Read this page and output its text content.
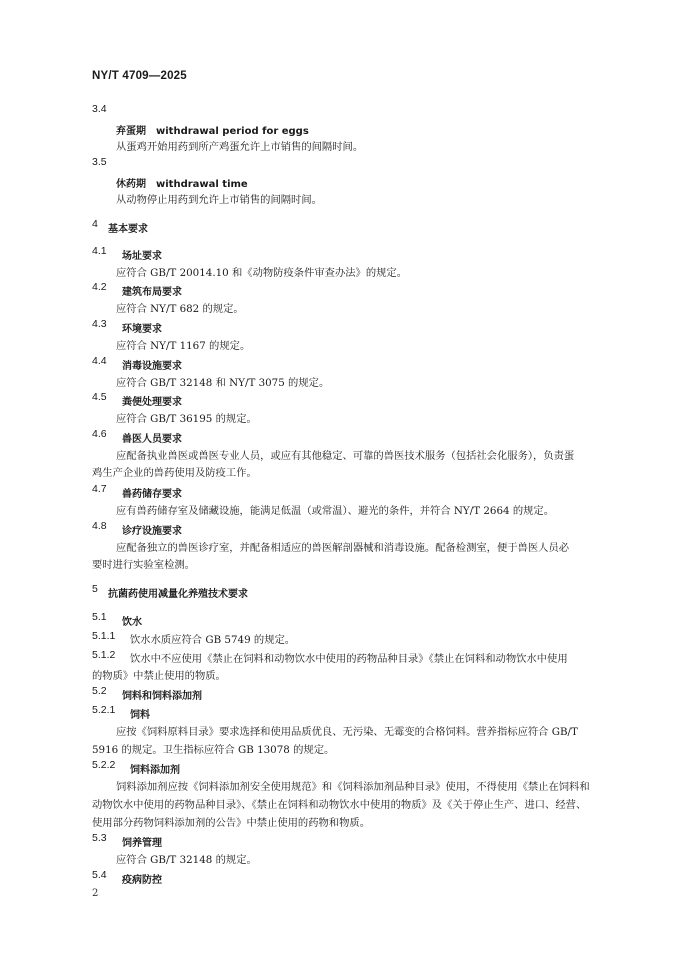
NY/T 4709—2025
3.4
弃蛋期　withdrawal period for eggs
从蛋鸡开始用药到所产鸡蛋允许上市销售的间隔时间。
3.5
休药期　withdrawal time
从动物停止用药到允许上市销售的间隔时间。
4 基本要求
4.1 场址要求
应符合 GB/T 20014.10 和《动物防疫条件审查办法》的规定。
4.2 建筑布局要求
应符合 NY/T 682 的规定。
4.3 环境要求
应符合 NY/T 1167 的规定。
4.4 消毒设施要求
应符合 GB/T 32148 和 NY/T 3075 的规定。
4.5 粪便处理要求
应符合 GB/T 36195 的规定。
4.6 兽医人员要求
应配备执业兽医或兽医专业人员，或应有其他稳定、可靠的兽医技术服务（包括社会化服务），负责蛋
鸡生产企业的兽药使用及防疫工作。
4.7 兽药储存要求
应有兽药储存室及储藏设施，能满足低温（或常温）、避光的条件，并符合 NY/T 2664 的规定。
4.8 诊疗设施要求
应配备独立的兽医诊疗室，并配备相适应的兽医解剖器械和消毒设施。配备检测室，便于兽医人员必
要时进行实验室检测。
5 抗菌药使用减量化养殖技术要求
5.1 饮水
5.1.1 饮水水质应符合 GB 5749 的规定。
5.1.2 饮水中不应使用《禁止在饲料和动物饮水中使用的药物品种目录》《禁止在饲料和动物饮水中使用
的物质》中禁止使用的物质。
5.2 饲料和饲料添加剂
5.2.1 饲料
应按《饲料原料目录》要求选择和使用品质优良、无污染、无霉变的合格饲料。营养指标应符合 GB/T
5916 的规定。卫生指标应符合 GB 13078 的规定。
5.2.2 饲料添加剂
饲料添加剂应按《饲料添加剂安全使用规范》和《饲料添加剂品种目录》使用，不得使用《禁止在饲料和
动物饮水中使用的药物品种目录》、《禁止在饲料和动物饮水中使用的物质》及《关于停止生产、进口、经营、
使用部分药物饲料添加剂的公告》中禁止使用的药物和物质。
5.3 饲养管理
应符合 GB/T 32148 的规定。
5.4 疫病防控
2
